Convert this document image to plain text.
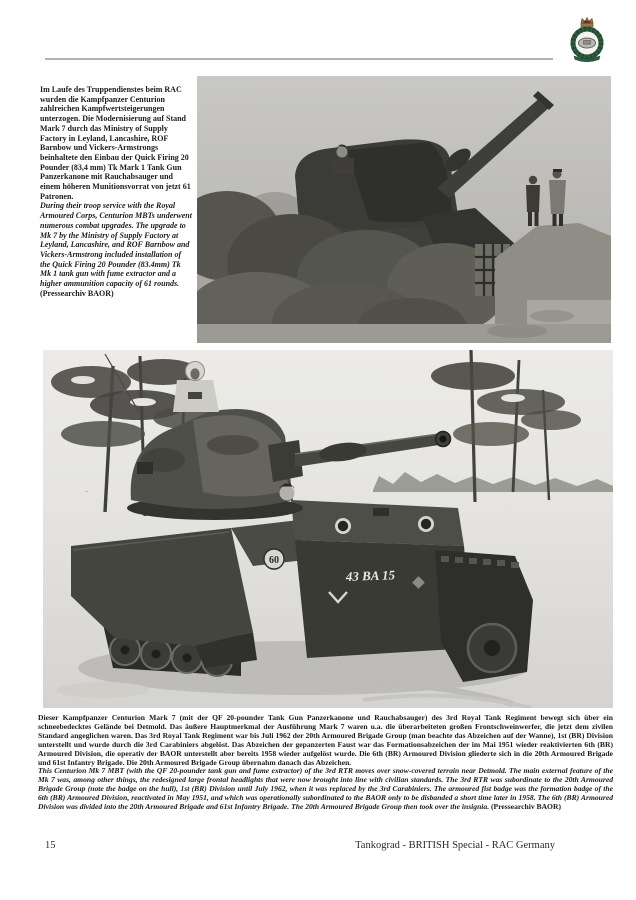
Im Laufe des Truppendienstes beim RAC wurden die Kampfpanzer Centurion zahlreichen Kampfwertsteigerungen unterzogen. Die Modernisierung auf Stand Mark 7 durch das Ministry of Supply Factory in Leyland, Lancashire, ROF Barnbow und Vickers-Armstrongs beinhaltete den Einbau der Quick Firing 20 Pounder (83,4 mm) Tk Mark 1 Tank Gun Panzerkanone mit Rauchabsauger und einem höheren Munitionsvorrat von jetzt 61 Patronen.

During their troop service with the Royal Armoured Corps, Centurion MBTs underwent numerous combat upgrades. The upgrade to Mk 7 by the Ministry of Supply Factory at Leyland, Lancashire, and ROF Barnbow and Vickers-Armstrong included installation of the Quick Firing 20 Pounder (83.4mm) Tk Mk 1 tank gun with fume extractor and a higher ammunition capacity of 61 rounds.

(Pressearchiv BAOR)

60
43 BA 15

Dieser Kampfpanzer Centurion Mark 7 (mit der QF 20-pounder Tank Gun Panzerkanone und Rauchabsauger) des 3rd Royal Tank Regiment bewegt sich über ein schneebedecktes Gelände bei Detmold. Das äußere Hauptmerkmal der Ausführung Mark 7 waren u.a. die überarbeiteten großen Frontschweinwerfer, die jetzt dem zivilen Standard angeglichen waren. Das 3rd Royal Tank Regiment war bis Juli 1962 der 20th Armoured Brigade Group (man beachte das Abzeichen auf der Wanne), 1st (BR) Division unterstellt und wurde durch die 3rd Carabiniers abgelöst. Das Abzeichen der gepanzerten Faust war das Formationsabzeichen der im Mai 1951 wieder reaktivierten 6th (BR) Armoured Division, die operativ der BAOR unterstellt aber bereits 1958 wieder aufgelöst wurde. Die 6th (BR) Armoured Division gliederte sich in die 20th Armoured Brigade und 61st Infantry Brigade. Die 20th Armoured Brigade Group übernahm danach das Abzeichen.

This Centurion Mk 7 MBT (with the QF 20-pounder tank gun and fume extractor) of the 3rd RTR moves over snow-covered terrain near Detmold. The main external feature of the Mk 7 was, among other things, the redesigned large frontal headlights that were now brought into line with civilian standards. The 3rd RTR was subordinate to the 20th Armoured Brigade Group (note the badge on the hull), 1st (BR) Division until July 1962, when it was replaced by the 3rd Carabiniers. The armoured fist badge was the formation badge of the 6th (BR) Armoured Division, reactivated in May 1951, and which was operationally subordinated to the BAOR only to be disbanded a short time later in 1958. The 6th (BR) Armoured Division was divided into the 20th Armoured Brigade and 61st Infantry Brigade. The 20th Armoured Brigade Group then took over the insignia. (Pressearchiv BAOR)

15	Tankograd - BRITISH Special - RAC Germany
